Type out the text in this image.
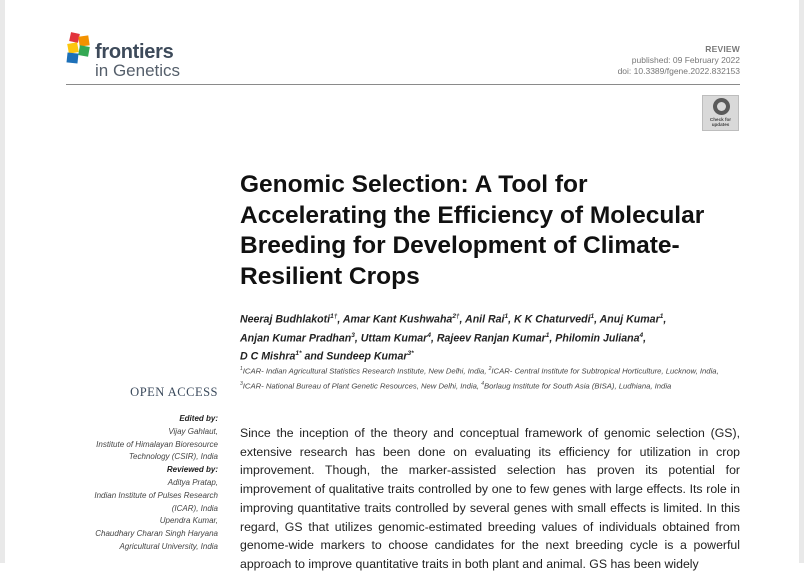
frontiers
in Genetics
REVIEW
published: 09 February 2022
doi: 10.3389/fgene.2022.832153
Check for updates
Genomic Selection: A Tool for Accelerating the Efficiency of Molecular Breeding for Development of Climate-Resilient Crops

Neeraj Budhlakoti$^{1\dagger}$, Amar Kant Kushwaha$^{2\dagger}$, Anil Rai$^1$, K K Chaturvedi$^1$, Anuj Kumar$^1$,
Anjan Kumar Pradhan$^3$, Uttam Kumar$^4$, Rajeev Ranjan Kumar$^1$, Philomin Juliana$^4$,
D C Mishra$^{1*}$ and Sundeep Kumar$^{3*}$

$^1$ICAR- Indian Agricultural Statistics Research Institute, New Delhi, India, $^2$ICAR- Central Institute for Subtropical Horticulture, Lucknow, India, $^3$ICAR- National Bureau of Plant Genetic Resources, New Delhi, India, $^4$Borlaug Institute for South Asia (BISA), Ludhiana, India

OPEN ACCESS
Edited by:
Vijay Gahlaut,
Institute of Himalayan Bioresource
Technology (CSIR), India
Reviewed by:
Aditya Pratap,
Indian Institute of Pulses Research
(ICAR), India
Upendra Kumar,
Chaudhary Charan Singh Haryana
Agricultural University, India

Since the inception of the theory and conceptual framework of genomic selection (GS), extensive research has been done on evaluating its efficiency for utilization in crop improvement. Though, the marker-assisted selection has proven its potential for improvement of qualitative traits controlled by one to few genes with large effects. Its role in improving quantitative traits controlled by several genes with small effects is limited. In this regard, GS that utilizes genomic-estimated breeding values of individuals obtained from genome-wide markers to choose candidates for the next breeding cycle is a powerful approach to improve quantitative traits in both plant and animal. GS has been widely
